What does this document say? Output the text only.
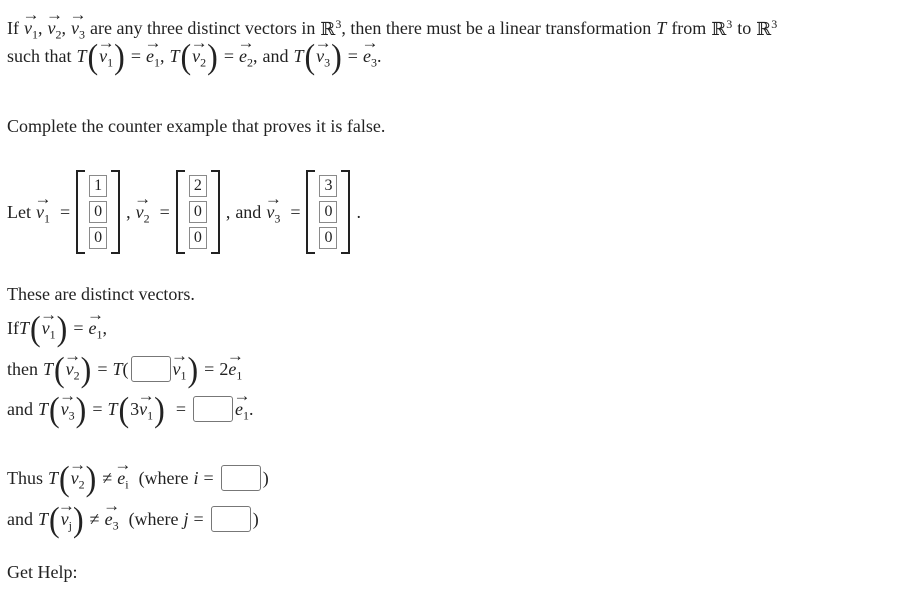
If
→ $v_1$ ,
→ $v_2$ ,
→ $v_3$ are any three distinct vectors in ℝ$^3$ , then there must be a linear transformation T from ℝ$^3$ to ℝ$^3$
such that T (
→ $v_1$ ) =
→ $e_1$ , T (
→ $v_2$ ) =
→ $e_2$ , and T (
→ $v_3$ ) =
→ $e_3$ .
Complete the counter example that proves it is false.
Let
→ $v_1$ =
1
0
0
,
→ $v_2$ =
2
0
0
, and
→ $v_3$ =
3
0
0
.
These are distinct vectors.
If T (
→ $v_1$ ) =
→ $e_1$ ,
then T (
→ $v_2$ ) = T (
→ $v_1$ ) = 2
→ $e_1$
and T (
→ $v_3$ ) = T ( 3
→ $v_1$ ) =
→	$e_1$ .
Thus T (
→ $v_2$ ) ≠
→ $e_i$ (where i =	)
and T (
→ $v_j$ ) ≠
→ $e_3$ (where j =	)
Get Help:
